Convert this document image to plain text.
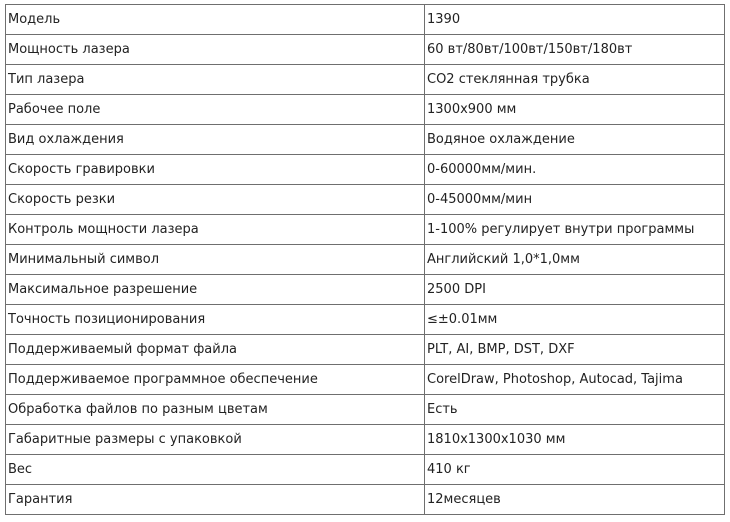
Модель	1390
Мощность лазера	60 вт/80вт/100вт/150вт/180вт
Тип лазера	CO2 стеклянная трубка
Рабочее поле	1300x900 мм
Вид охлаждения	Водяное охлаждение
Скорость гравировки	0-60000мм/мин.
Скорость резки	0-45000мм/мин
Контроль мощности лазера	1-100% регулирует внутри программы
Минимальный символ	Английский 1,0*1,0мм
Максимальное разрешение	2500 DPI
Точность позиционирования	≤±0.01мм
Поддерживаемый формат файла	PLT, AI, BMP, DST, DXF
Поддерживаемое программное обеспечение	CorelDraw, Photoshop, Autocad, Tajima
Обработка файлов по разным цветам	Есть
Габаритные размеры с упаковкой	1810x1300x1030 мм
Вес	410 кг
Гарантия	12месяцев
